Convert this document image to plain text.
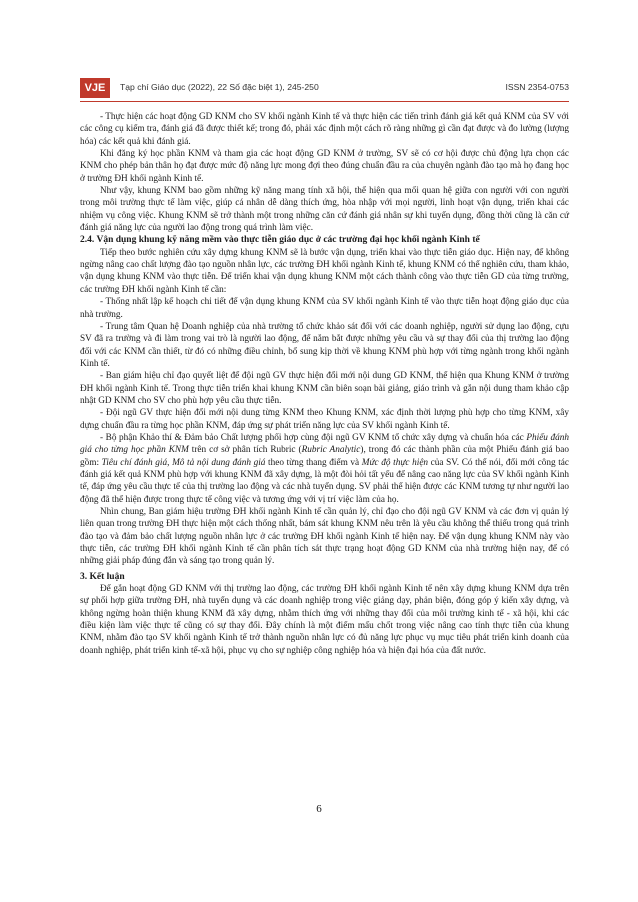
VJE	Tạp chí Giáo dục (2022), 22 Số đặc biệt 1), 245-250	ISSN 2354-0753

- Thực hiện các hoạt động GD KNM cho SV khối ngành Kinh tế và thực hiện các tiến trình đánh giá kết quả KNM của SV với các công cụ kiểm tra, đánh giá đã được thiết kế; trong đó, phải xác định một cách rõ ràng những gì cần đạt được và đo lường (lượng hóa) các kết quả khi đánh giá.

Khi đăng ký học phần KNM và tham gia các hoạt động GD KNM ở trường, SV sẽ có cơ hội được chủ động lựa chọn các KNM cho phép bản thân họ đạt được mức độ năng lực mong đợi theo đúng chuẩn đầu ra của chuyên ngành đào tạo mà họ đang học ở trường ĐH khối ngành Kinh tế.

Như vậy, khung KNM bao gồm những kỹ năng mang tính xã hội, thể hiện qua mối quan hệ giữa con người với con người trong môi trường thực tế làm việc, giúp cá nhân dễ dàng thích ứng, hòa nhập với mọi người, linh hoạt vận dụng, triển khai các nhiệm vụ công việc. Khung KNM sẽ trở thành một trong những căn cứ đánh giá nhân sự khi tuyển dụng, đồng thời cũng là căn cứ đánh giá năng lực của người lao động trong quá trình làm việc.

2.4. Vận dụng khung kỹ năng mềm vào thực tiễn giáo dục ở các trường đại học khối ngành Kinh tế

Tiếp theo bước nghiên cứu xây dựng khung KNM sẽ là bước vận dụng, triển khai vào thực tiễn giáo dục. Hiện nay, để không ngừng nâng cao chất lượng đào tạo nguồn nhân lực, các trường ĐH khối ngành Kinh tế, khung KNM có thể nghiên cứu, tham khảo, vận dụng khung KNM vào thực tiễn. Để triển khai vận dụng khung KNM một cách thành công vào thực tiễn GD của từng trường, các trường ĐH khối ngành Kinh tế cần:

- Thống nhất lập kế hoạch chi tiết để vận dụng khung KNM của SV khối ngành Kinh tế vào thực tiễn hoạt động giáo dục của nhà trường.

- Trung tâm Quan hệ Doanh nghiệp của nhà trường tổ chức khảo sát đối với các doanh nghiệp, người sử dụng lao động, cựu SV đã ra trường và đi làm trong vai trò là người lao động, để nắm bắt được những yêu cầu và sự thay đổi của thị trường lao động đối với các KNM cần thiết, từ đó có những điều chỉnh, bổ sung kịp thời về khung KNM phù hợp với từng ngành trong khối ngành Kinh tế.

- Ban giám hiệu chỉ đạo quyết liệt để đội ngũ GV thực hiện đổi mới nội dung GD KNM, thể hiện qua Khung KNM ở trường ĐH khối ngành Kinh tế. Trong thực tiễn triển khai khung KNM cần biên soạn bài giảng, giáo trình và gắn nội dung tham khảo cập nhật GD KNM cho SV cho phù hợp yêu cầu thực tiễn.

- Đội ngũ GV thực hiện đổi mới nội dung từng KNM theo Khung KNM, xác định thời lượng phù hợp cho từng KNM, xây dựng chuẩn đầu ra từng học phần KNM, đáp ứng sự phát triển năng lực của SV khối ngành Kinh tế.

- Bộ phận Khảo thí & Đảm bảo Chất lượng phối hợp cùng đội ngũ GV KNM tổ chức xây dựng và chuẩn hóa các Phiếu đánh giá cho từng học phần KNM trên cơ sở phân tích Rubric (Rubric Analytic), trong đó các thành phần của một Phiếu đánh giá bao gồm: Tiêu chí đánh giá, Mô tả nội dung đánh giá theo từng thang điểm và Mức độ thực hiện của SV. Có thể nói, đổi mới công tác đánh giá kết quả KNM phù hợp với khung KNM đã xây dựng, là một đòi hỏi tất yếu để nâng cao năng lực của SV khối ngành Kinh tế, đáp ứng yêu cầu thực tế của thị trường lao động và các nhà tuyển dụng. SV phải thể hiện được các KNM tương tự như người lao động đã thể hiện được trong thực tế công việc và tương ứng với vị trí việc làm của họ.

Nhìn chung, Ban giám hiệu trường ĐH khối ngành Kinh tế cần quản lý, chỉ đạo cho đội ngũ GV KNM và các đơn vị quản lý liên quan trong trường ĐH thực hiện một cách thống nhất, bám sát khung KNM nêu trên là yêu cầu không thể thiếu trong quá trình đào tạo và đảm bảo chất lượng nguồn nhân lực ở các trường ĐH khối ngành Kinh tế hiện nay. Để vận dụng khung KNM này vào thực tiễn, các trường ĐH khối ngành Kinh tế cần phân tích sát thực trạng hoạt động GD KNM của nhà trường hiện nay, để có những giải pháp đúng đắn và sáng tạo trong quản lý.

3. Kết luận

Để gắn hoạt động GD KNM với thị trường lao động, các trường ĐH khối ngành Kinh tế nên xây dựng khung KNM dựa trên sự phối hợp giữa trường ĐH, nhà tuyển dụng và các doanh nghiệp trong việc giảng dạy, phản biện, đóng góp ý kiến xây dựng, và không ngừng hoàn thiện khung KNM đã xây dựng, nhằm thích ứng với những thay đổi của môi trường kinh tế - xã hội, khi các điều kiện làm việc thực tế cũng có sự thay đổi. Đây chính là một điểm mấu chốt trong việc nâng cao tính thực tiễn của khung KNM, nhằm đào tạo SV khối ngành Kinh tế trở thành nguồn nhân lực có đủ năng lực phục vụ mục tiêu phát triển kinh doanh của doanh nghiệp, phát triển kinh tế-xã hội, phục vụ cho sự nghiệp công nghiệp hóa và hiện đại hóa của đất nước.

6
